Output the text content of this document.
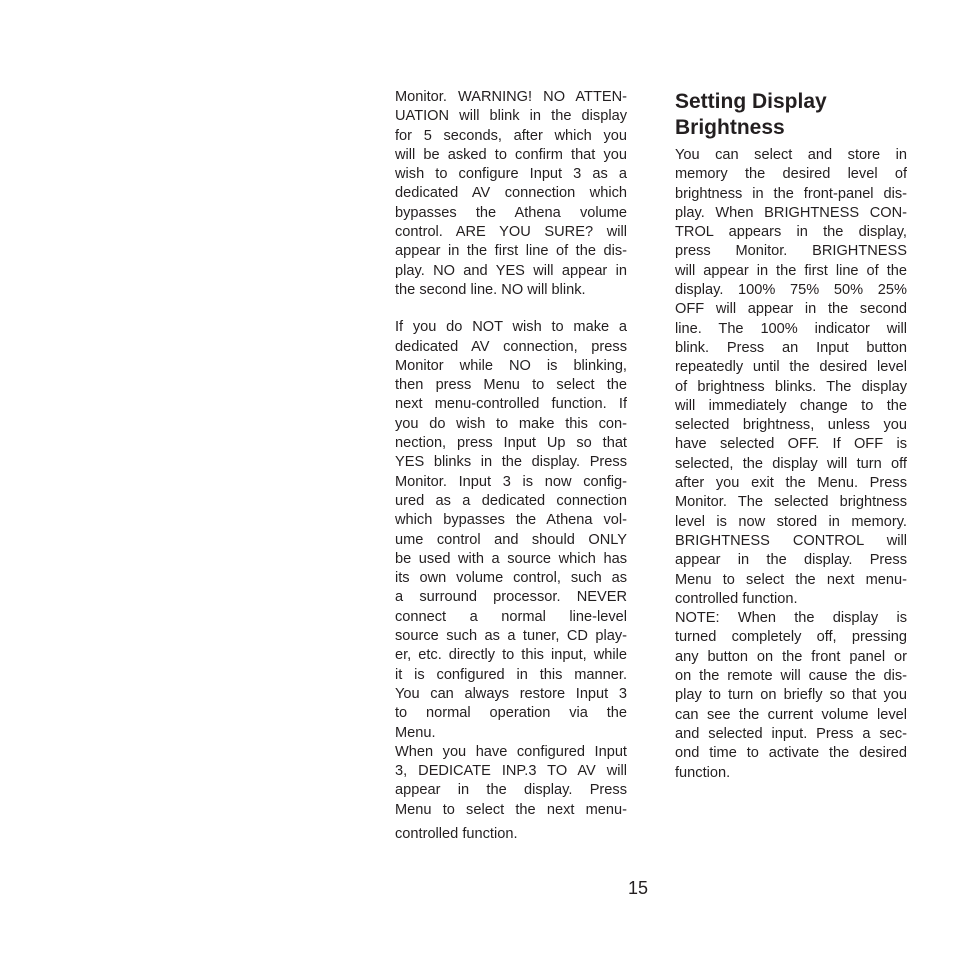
Monitor. WARNING! NO ATTEN-
UATION will blink in the display
for 5 seconds, after which you
will be asked to confirm that you
wish to configure Input 3 as a
dedicated AV connection which
bypasses the Athena volume
control. ARE YOU SURE? will
appear in the first line of the dis-
play. NO and YES will appear in
the second line. NO will blink.
If you do NOT wish to make a
dedicated AV connection, press
Monitor while NO is blinking,
then press Menu to select the
next menu-controlled function. If
you do wish to make this con-
nection, press Input Up so that
YES blinks in the display. Press
Monitor. Input 3 is now config-
ured as a dedicated connection
which bypasses the Athena vol-
ume control and should ONLY
be used with a source which has
its own volume control, such as
a surround processor. NEVER
connect a normal line-level
source such as a tuner, CD play-
er, etc. directly to this input, while
it is configured in this manner.
You can always restore Input 3
to normal operation via the
Menu.
When you have configured Input
3, DEDICATE INP.3 TO AV will
appear in the display. Press
Menu to select the next menu-
controlled function.
Setting Display
Brightness
You can select and store in
memory the desired level of
brightness in the front-panel dis-
play. When BRIGHTNESS CON-
TROL appears in the display,
press Monitor. BRIGHTNESS
will appear in the first line of the
display. 100% 75% 50% 25%
OFF will appear in the second
line. The 100% indicator will
blink. Press an Input button
repeatedly until the desired level
of brightness blinks. The display
will immediately change to the
selected brightness, unless you
have selected OFF. If OFF is
selected, the display will turn off
after you exit the Menu. Press
Monitor. The selected brightness
level is now stored in memory.
BRIGHTNESS CONTROL will
appear in the display. Press
Menu to select the next menu-
controlled function.
NOTE: When the display is
turned completely off, pressing
any button on the front panel or
on the remote will cause the dis-
play to turn on briefly so that you
can see the current volume level
and selected input. Press a sec-
ond time to activate the desired
function.
15
